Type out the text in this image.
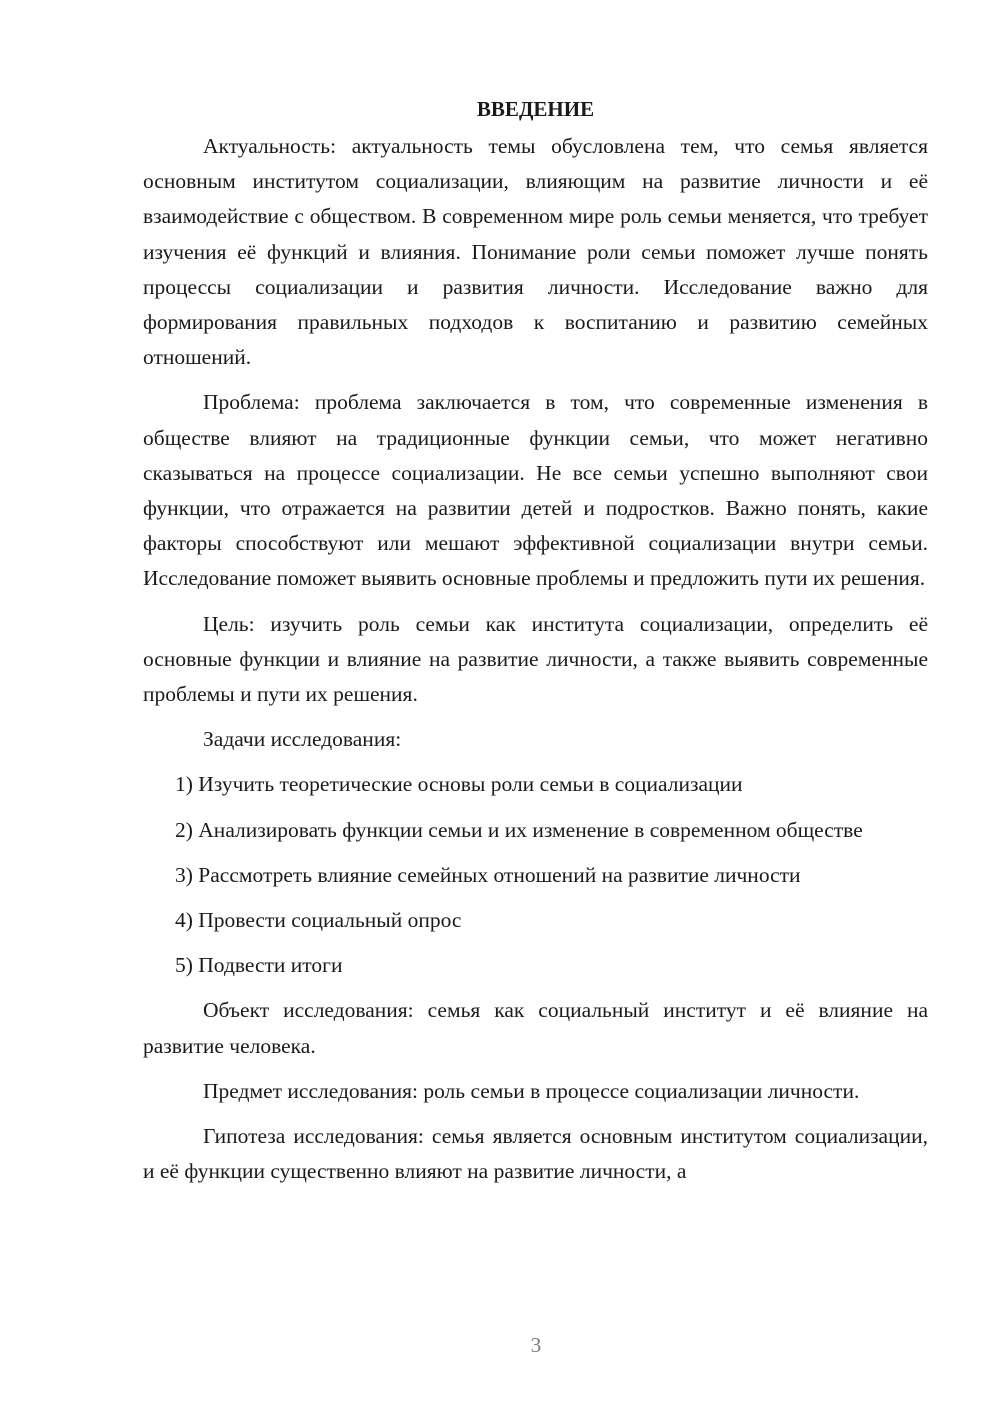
ВВЕДЕНИЕ

Актуальность: актуальность темы обусловлена тем, что семья является основным институтом социализации, влияющим на развитие личности и её взаимодействие с обществом. В современном мире роль семьи меняется, что требует изучения её функций и влияния. Понимание роли семьи поможет лучше понять процессы социализации и развития личности. Исследование важно для формирования правильных подходов к воспитанию и развитию семейных отношений.

Проблема: проблема заключается в том, что современные изменения в обществе влияют на традиционные функции семьи, что может негативно сказываться на процессе социализации. Не все семьи успешно выполняют свои функции, что отражается на развитии детей и подростков. Важно понять, какие факторы способствуют или мешают эффективной социализации внутри семьи. Исследование поможет выявить основные проблемы и предложить пути их решения.

Цель: изучить роль семьи как института социализации, определить её основные функции и влияние на развитие личности, а также выявить современные проблемы и пути их решения.

Задачи исследования:

1) Изучить теоретические основы роли семьи в социализации

2) Анализировать функции семьи и их изменение в современном обществе

3) Рассмотреть влияние семейных отношений на развитие личности

4) Провести социальный опрос

5) Подвести итоги

Объект исследования: семья как социальный институт и её влияние на развитие человека.

Предмет исследования: роль семьи в процессе социализации личности.

Гипотеза исследования: семья является основным институтом социализации, и её функции существенно влияют на развитие личности, а

3
